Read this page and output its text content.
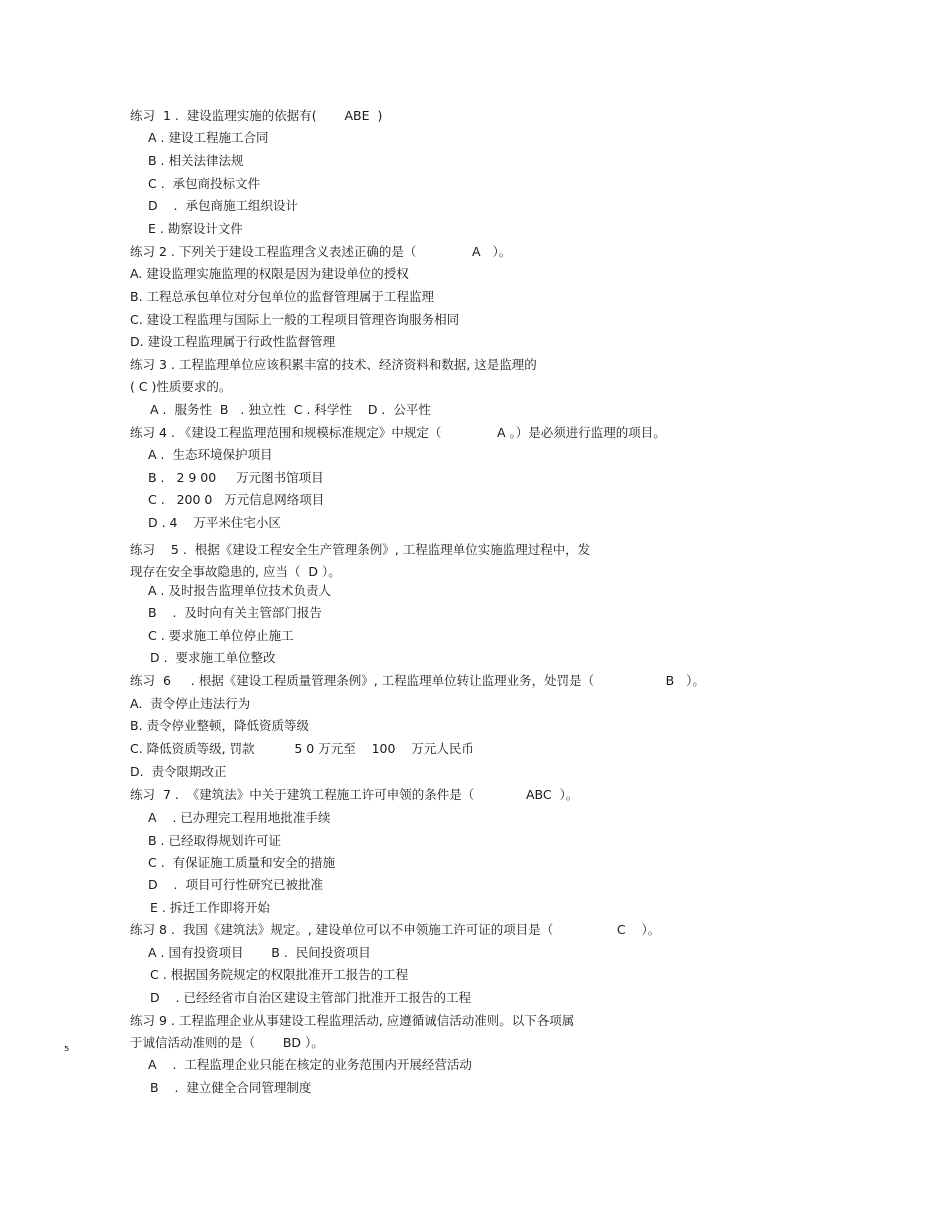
练习  1 .  建设监理实施的依据有(       ABE  )
A . 建设工程施工合同
B . 相关法律法规
C .  承包商投标文件
D    .  承包商施工组织设计
E . 勘察设计文件
练习 2 . 下列关于建设工程监理含义表述正确的是（              A   ）。
A. 建设监理实施监理的权限是因为建设单位的授权
B. 工程总承包单位对分包单位的监督管理属于工程监理
C. 建设工程监理与国际上一般的工程项目管理咨询服务相同
D. 建设工程监理属于行政性监督管理
练习 3 . 工程监理单位应该积累丰富的技术、经济资料和数据, 这是监理的
( C )性质要求的。
A .  服务性  B   . 独立性  C . 科学性    D .  公平性
练习 4 . 《建设工程监理范围和规模标准规定》中规定（              A 。）是必须进行监理的项目。
A .  生态环境保护项目
B .   2 9 00     万元图书馆项目
C .   200 0   万元信息网络项目
D . 4    万平米住宅小区
练习    5 .  根据《建设工程安全生产管理条例》, 工程监理单位实施监理过程中，发
现存在安全事故隐患的, 应当（  D ）。
A . 及时报告监理单位技术负责人
B    .  及时向有关主管部门报告
C . 要求施工单位停止施工
D .  要求施工单位整改
练习  6     . 根据《建设工程质量管理条例》, 工程监理单位转让监理业务，处罚是（                  B   ）。
A.  责令停止违法行为
B. 责令停业整顿，降低资质等级
C. 降低资质等级, 罚款          5 0 万元至    100    万元人民币
D.  责令限期改正
练习  7 .  《建筑法》中关于建筑工程施工许可申领的条件是（             ABC  ）。
A    . 已办理完工程用地批准手续
B . 已经取得规划许可证
C .  有保证施工质量和安全的措施
D    .  项目可行性研究已被批准
E . 拆迁工作即将开始
练习 8 .  我国《建筑法》规定。, 建设单位可以不申领施工许可证的项目是（                C    ）。
A . 国有投资项目       B .  民间投资项目
C . 根据国务院规定的权限批准开工报告的工程
D    . 已经经省市自治区建设主管部门批准开工报告的工程
练习 9 . 工程监理企业从事建设工程监理活动, 应遵循诚信活动准则。以下各项属
于诚信活动准则的是（       BD ）。
A    .  工程监理企业只能在核定的业务范围内开展经营活动
B    .  建立健全合同管理制度
₅
